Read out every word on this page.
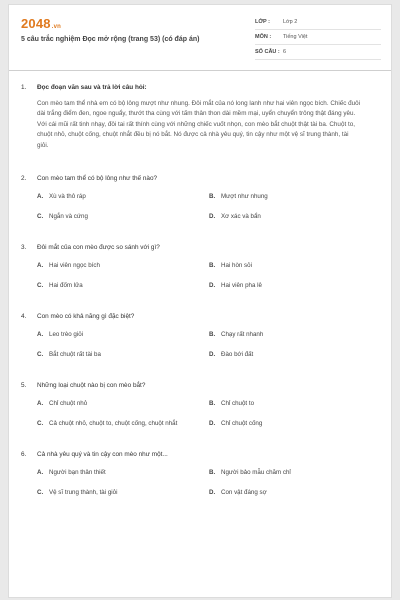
2048.vn
5 câu trắc nghiệm Đọc mở rộng (trang 53) (có đáp án)
LỚP :	Lớp 2
MÔN :	Tiếng Việt
SỐ CÂU : 6
1.	Đọc đoạn văn sau và trả lời câu hỏi:
Con mèo tam thể nhà em có bộ lông mượt như nhung. Đôi mắt của nó long lanh như hai viên ngọc bích. Chiếc đuôi dài trắng điểm đen, ngoe nguẩy, thướt tha cùng với tấm thân thon dài mềm mại, uyển chuyển trông thật đáng yêu. Với cái mũi rất tinh nhạy, đôi tai rất thính cùng với những chiếc vuốt nhọn, con mèo bắt chuột thật tài ba. Chuột to, chuột nhỏ, chuột cống, chuột nhắt đều bị nó bắt. Nó được cả nhà yêu quý, tin cậy như một vệ sĩ trung thành, tài giỏi.
2.	Con mèo tam thể có bộ lông như thế nào?
A. Xù và thô ráp	B. Mượt như nhung
C. Ngắn và cứng	D. Xơ xác và bẩn
3.	Đôi mắt của con mèo được so sánh với gì?
A. Hai viên ngọc bích	B. Hai hòn sỏi
C. Hai đốm lửa	D. Hai viên pha lê
4.	Con mèo có khả năng gì đặc biệt?
A. Leo trèo giỏi	B. Chạy rất nhanh
C. Bắt chuột rất tài ba	D. Đào bới đất
5.	Những loại chuột nào bị con mèo bắt?
A. Chỉ chuột nhỏ	B. Chỉ chuột to
C. Cả chuột nhỏ, chuột to, chuột cống, chuột nhắt	D. Chỉ chuột cống
6.	Cả nhà yêu quý và tin cậy con mèo như một...
A. Người bạn thân thiết	B. Người bảo mẫu chăm chỉ
C. Vệ sĩ trung thành, tài giỏi	D. Con vật đáng sợ
